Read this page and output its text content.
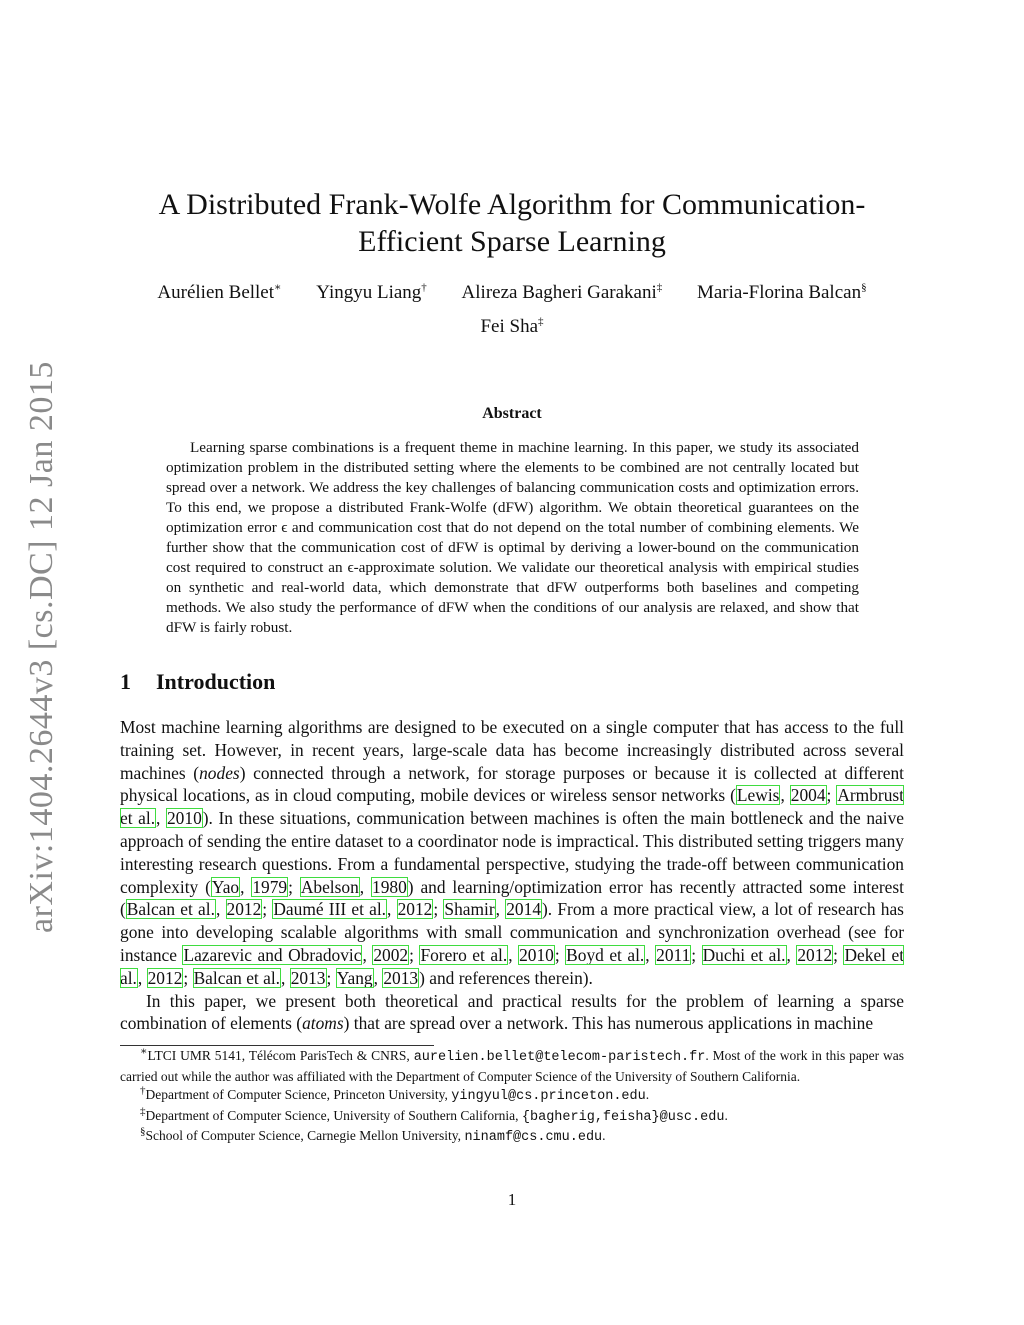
arXiv:1404.2644v3 [cs.DC] 12 Jan 2015
A Distributed Frank-Wolfe Algorithm for Communication-Efficient Sparse Learning
Aurélien Bellet∗ Yingyu Liang† Alireza Bagheri Garakani‡ Maria-Florina Balcan§
Fei Sha‡
Abstract
Learning sparse combinations is a frequent theme in machine learning. In this paper, we study its associated optimization problem in the distributed setting where the elements to be combined are not centrally located but spread over a network. We address the key challenges of balancing communication costs and optimization errors. To this end, we propose a distributed Frank-Wolfe (dFW) algorithm. We obtain theoretical guarantees on the optimization error ϵ and communication cost that do not depend on the total number of combining elements. We further show that the communication cost of dFW is optimal by deriving a lower-bound on the communication cost required to construct an ϵ-approximate solution. We validate our theoretical analysis with empirical studies on synthetic and real-world data, which demonstrate that dFW outperforms both baselines and competing methods. We also study the performance of dFW when the conditions of our analysis are relaxed, and show that dFW is fairly robust.
1 Introduction

Most machine learning algorithms are designed to be executed on a single computer that has access to the full training set. However, in recent years, large-scale data has become increasingly distributed across several machines (nodes) connected through a network, for storage purposes or because it is collected at different physical locations, as in cloud computing, mobile devices or wireless sensor networks (Lewis, 2004; Armbrust et al., 2010). In these situations, communication between machines is often the main bottleneck and the naive approach of sending the entire dataset to a coordinator node is impractical. This distributed setting triggers many interesting research questions. From a fundamental perspective, studying the trade-off between communication complexity (Yao, 1979; Abelson, 1980) and learning/optimization error has recently attracted some interest (Balcan et al., 2012; Daumé III et al., 2012; Shamir, 2014). From a more practical view, a lot of research has gone into developing scalable algorithms with small communication and synchronization overhead (see for instance Lazarevic and Obradovic, 2002; Forero et al., 2010; Boyd et al., 2011; Duchi et al., 2012; Dekel et al., 2012; Balcan et al., 2013; Yang, 2013) and references therein).

In this paper, we present both theoretical and practical results for the problem of learning a sparse combination of elements (atoms) that are spread over a network. This has numerous applications in machine

∗LTCI UMR 5141, Télécom ParisTech & CNRS, aurelien.bellet@telecom-paristech.fr. Most of the work in this paper was carried out while the author was affiliated with the Department of Computer Science of the University of Southern California.

†Department of Computer Science, Princeton University, yingyul@cs.princeton.edu.

‡Department of Computer Science, University of Southern California, {bagherig,feisha}@usc.edu.

§School of Computer Science, Carnegie Mellon University, ninamf@cs.cmu.edu.

1
